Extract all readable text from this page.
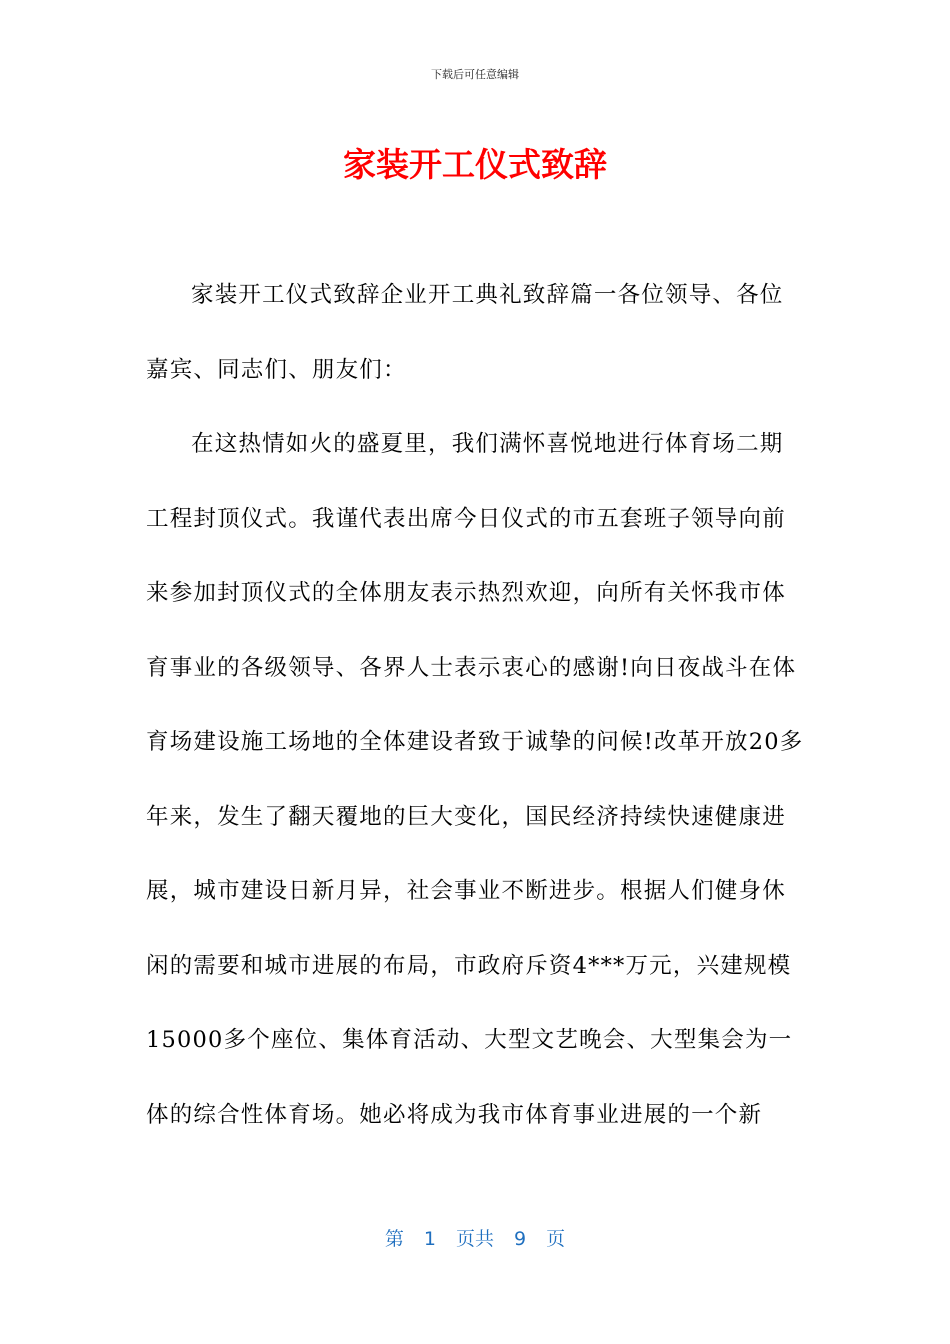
下载后可任意编辑
家装开工仪式致辞

家装开工仪式致辞企业开工典礼致辞篇一各位领导、各位嘉宾、同志们、朋友们：

在这热情如火的盛夏里，我们满怀喜悦地进行体育场二期工程封顶仪式。我谨代表出席今日仪式的市五套班子领导向前来参加封顶仪式的全体朋友表示热烈欢迎，向所有关怀我市体育事业的各级领导、各界人士表示衷心的感谢!向日夜战斗在体育场建设施工场地的全体建设者致于诚挚的问候!改革开放20多年来，发生了翻天覆地的巨大变化，国民经济持续快速健康进展，城市建设日新月异，社会事业不断进步。根据人们健身休闲的需要和城市进展的布局，市政府斥资4***万元，兴建规模15000多个座位、集体育活动、大型文艺晚会、大型集会为一体的综合性体育场。她必将成为我市体育事业进展的一个新

第 1 页共 9 页
